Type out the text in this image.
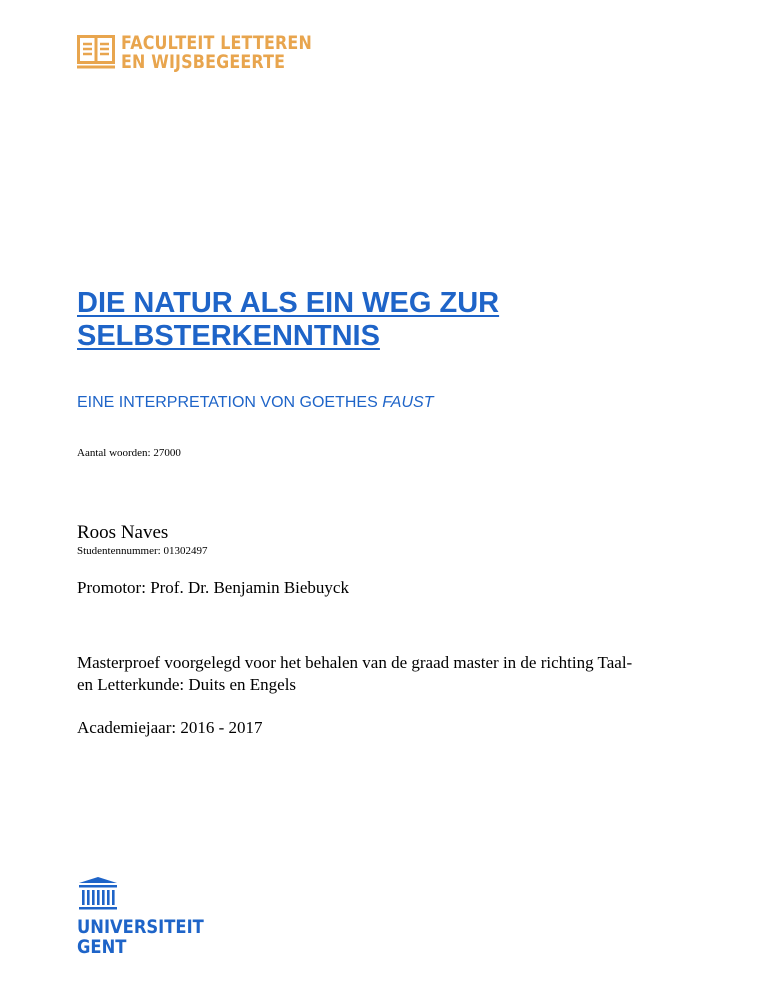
FACULTEIT LETTEREN
EN WIJSBEGEERTE
DIE NATUR ALS EIN WEG ZUR
SELBSTERKENNTNIS

EINE INTERPRETATION VON GOETHES FAUST

Aantal woorden: 27000
Roos Naves
Studentennummer: 01302497
Promotor: Prof. Dr. Benjamin Biebuyck
Masterproef voorgelegd voor het behalen van de graad master in de richting Taal-
en Letterkunde: Duits en Engels
Academiejaar: 2016 - 2017
UNIVERSITEIT
GENT
